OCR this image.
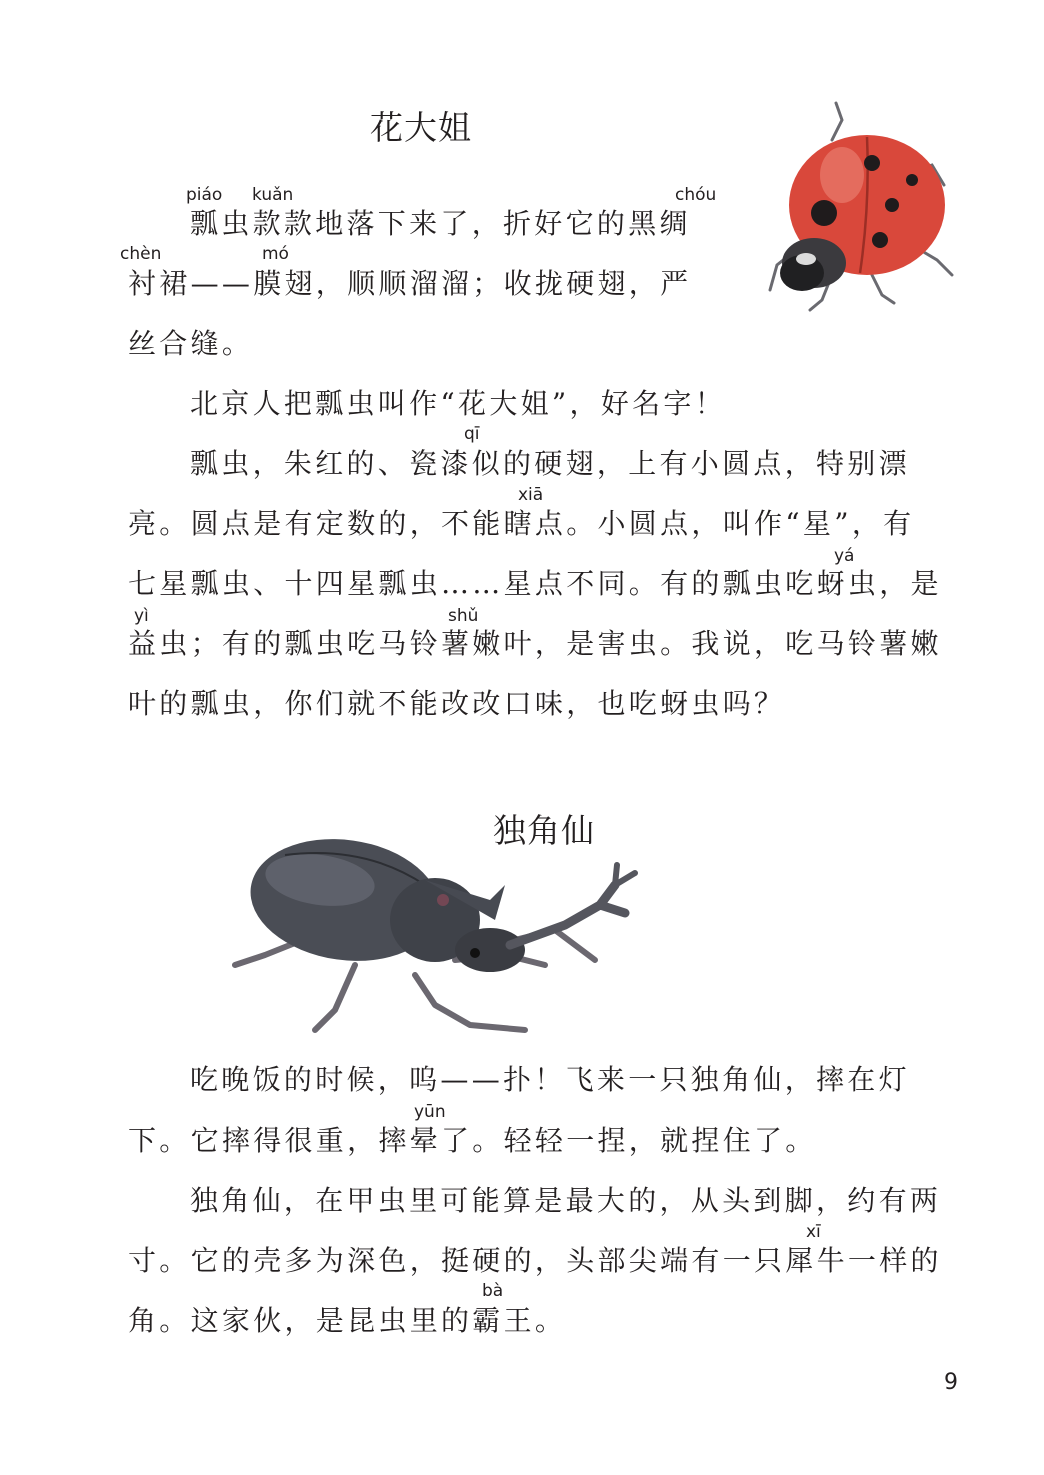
花大姐
piáo kuǎn	chóu
chèn	mó
qī
xiā
yá
yì	shǔ
瓢虫款款地落下来了，折好它的黑绸
衬裙——膜翅，顺顺溜溜；收拢硬翅，严
丝合缝。
北京人把瓢虫叫作“花大姐”，好名字！
瓢虫，朱红的、瓷漆似的硬翅，上有小圆点，特别漂
亮。圆点是有定数的，不能瞎点。小圆点，叫作“星”，有
七星瓢虫、十四星瓢虫……星点不同。有的瓢虫吃蚜虫，是
益虫；有的瓢虫吃马铃薯嫩叶，是害虫。我说，吃马铃薯嫩
叶的瓢虫，你们就不能改改口味，也吃蚜虫吗？
独角仙
yūn
xī
bà
吃晚饭的时候，呜——扑！飞来一只独角仙，摔在灯
下。它摔得很重，摔晕了。轻轻一捏，就捏住了。
独角仙，在甲虫里可能算是最大的，从头到脚，约有两
寸。它的壳多为深色，挺硬的，头部尖端有一只犀牛一样的
角。这家伙，是昆虫里的霸王。
9
